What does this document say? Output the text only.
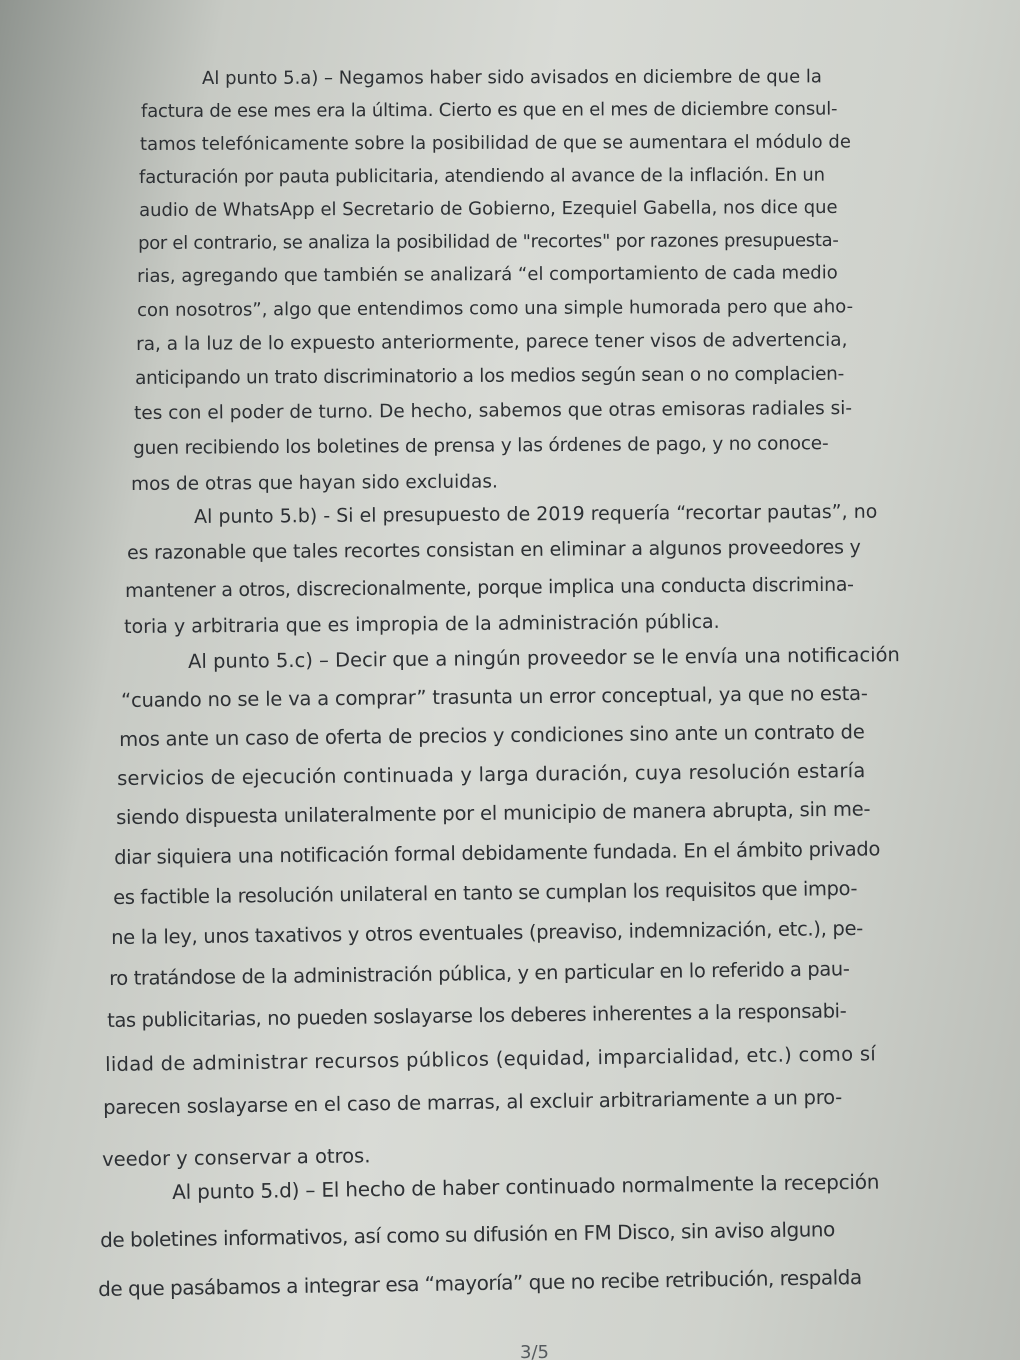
Al punto 5.a) – Negamos haber sido avisados en diciembre de que la
factura de ese mes era la última. Cierto es que en el mes de diciembre consul-
tamos telefónicamente sobre la posibilidad de que se aumentara el módulo de
facturación por pauta publicitaria, atendiendo al avance de la inflación. En un
audio de WhatsApp el Secretario de Gobierno, Ezequiel Gabella, nos dice que
por el contrario, se analiza la posibilidad de "recortes" por razones presupuesta-
rias, agregando que también se analizará “el comportamiento de cada medio
con nosotros”, algo que entendimos como una simple humorada pero que aho-
ra, a la luz de lo expuesto anteriormente, parece tener visos de advertencia,
anticipando un trato discriminatorio a los medios según sean o no complacien-
tes con el poder de turno. De hecho, sabemos que otras emisoras radiales si-
guen recibiendo los boletines de prensa y las órdenes de pago, y no conoce-
mos de otras que hayan sido excluidas.
Al punto 5.b) - Si el presupuesto de 2019 requería “recortar pautas”, no
es razonable que tales recortes consistan en eliminar a algunos proveedores y
mantener a otros, discrecionalmente, porque implica una conducta discrimina-
toria y arbitraria que es impropia de la administración pública.
Al punto 5.c) – Decir que a ningún proveedor se le envía una notificación
“cuando no se le va a comprar” trasunta un error conceptual, ya que no esta-
mos ante un caso de oferta de precios y condiciones sino ante un contrato de
servicios de ejecución continuada y larga duración, cuya resolución estaría
siendo dispuesta unilateralmente por el municipio de manera abrupta, sin me-
diar siquiera una notificación formal debidamente fundada. En el ámbito privado
es factible la resolución unilateral en tanto se cumplan los requisitos que impo-
ne la ley, unos taxativos y otros eventuales (preaviso, indemnización, etc.), pe-
ro tratándose de la administración pública, y en particular en lo referido a pau-
tas publicitarias, no pueden soslayarse los deberes inherentes a la responsabi-
lidad de administrar recursos públicos (equidad, imparcialidad, etc.) como sí
parecen soslayarse en el caso de marras, al excluir arbitrariamente a un pro-
veedor y conservar a otros.
Al punto 5.d) – El hecho de haber continuado normalmente la recepción
de boletines informativos, así como su difusión en FM Disco, sin aviso alguno
de que pasábamos a integrar esa “mayoría” que no recibe retribución, respalda
3/5
